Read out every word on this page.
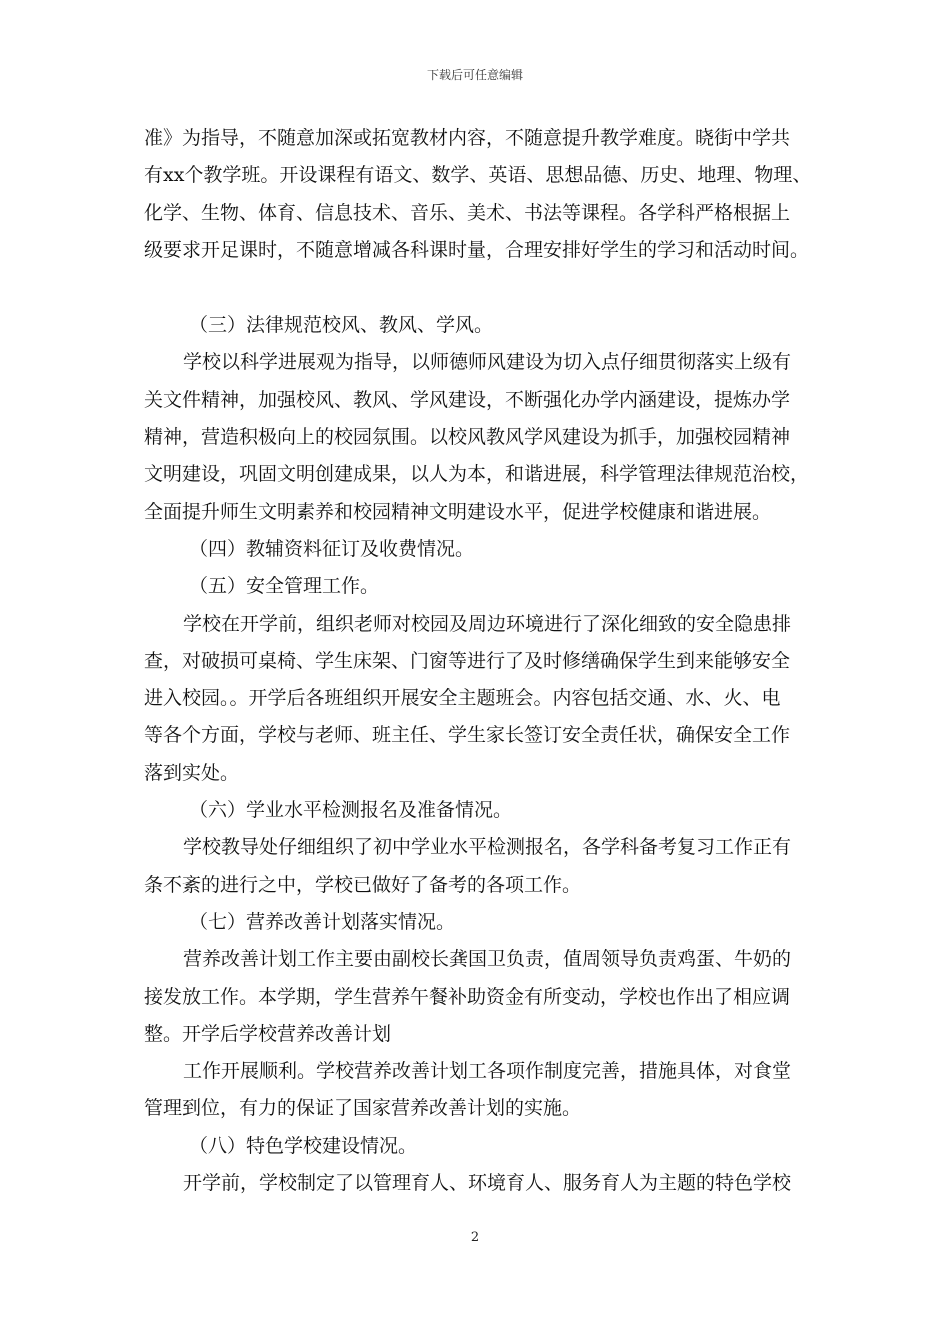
下载后可任意编辑
准》为指导，不随意加深或拓宽教材内容，不随意提升教学难度。晓街中学共
有xx个教学班。开设课程有语文、数学、英语、思想品德、历史、地理、物理、
化学、生物、体育、信息技术、音乐、美术、书法等课程。各学科严格根据上
级要求开足课时，不随意增减各科课时量，合理安排好学生的学习和活动时间。
（三）法律规范校风、教风、学风。
学校以科学进展观为指导，以师德师风建设为切入点仔细贯彻落实上级有
关文件精神，加强校风、教风、学风建设，不断强化办学内涵建设，提炼办学
精神，营造积极向上的校园氛围。以校风教风学风建设为抓手，加强校园精神
文明建设，巩固文明创建成果，以人为本，和谐进展，科学管理法律规范治校，
全面提升师生文明素养和校园精神文明建设水平，促进学校健康和谐进展。
（四）教辅资料征订及收费情况。
（五）安全管理工作。
学校在开学前，组织老师对校园及周边环境进行了深化细致的安全隐患排
查，对破损可桌椅、学生床架、门窗等进行了及时修缮确保学生到来能够安全
进入校园。。开学后各班组织开展安全主题班会。内容包括交通、水、火、电
等各个方面，学校与老师、班主任、学生家长签订安全责任状，确保安全工作
落到实处。
（六）学业水平检测报名及准备情况。
学校教导处仔细组织了初中学业水平检测报名，各学科备考复习工作正有
条不紊的进行之中，学校已做好了备考的各项工作。
（七）营养改善计划落实情况。
营养改善计划工作主要由副校长龚国卫负责，值周领导负责鸡蛋、牛奶的
接发放工作。本学期，学生营养午餐补助资金有所变动，学校也作出了相应调
整。开学后学校营养改善计划
工作开展顺利。学校营养改善计划工各项作制度完善，措施具体，对食堂
管理到位，有力的保证了国家营养改善计划的实施。
（八）特色学校建设情况。
开学前，学校制定了以管理育人、环境育人、服务育人为主题的特色学校
2
